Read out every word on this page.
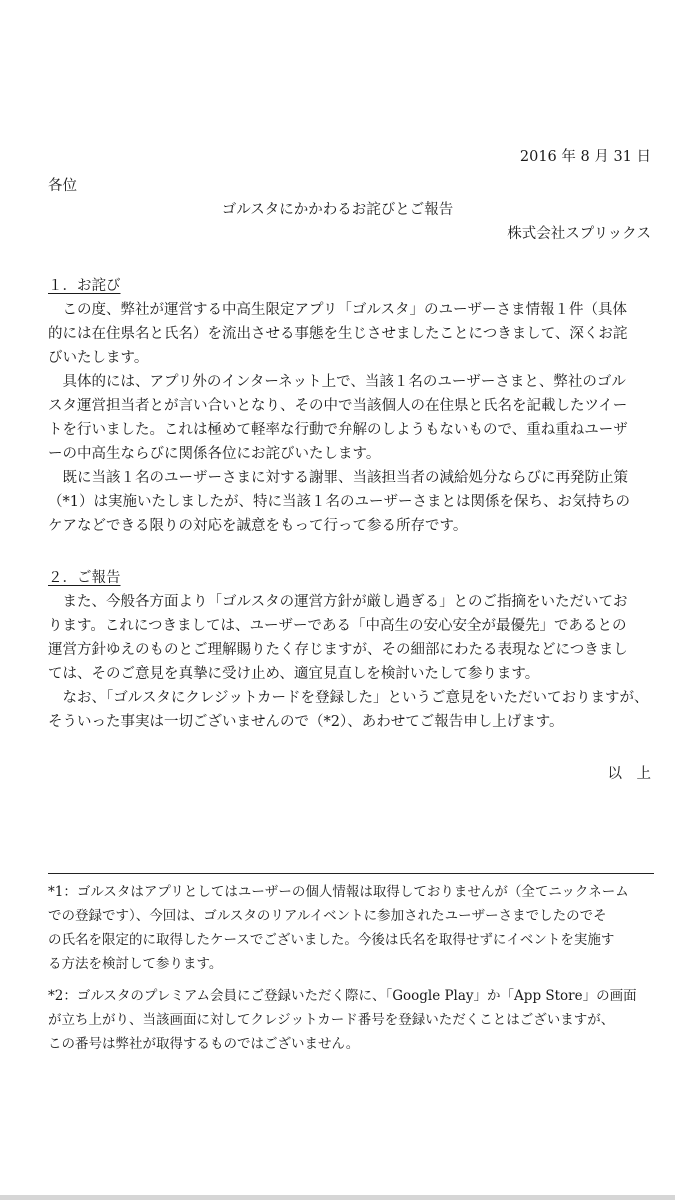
2016 年 8 月 31 日
各位
ゴルスタにかかわるお詫びとご報告
株式会社スプリックス
１．お詫び
　この度、弊社が運営する中高生限定アプリ「ゴルスタ」のユーザーさま情報１件（具体
的には在住県名と氏名）を流出させる事態を生じさせましたことにつきまして、深くお詫
びいたします。
　具体的には、アプリ外のインターネット上で、当該１名のユーザーさまと、弊社のゴル
スタ運営担当者とが言い合いとなり、その中で当該個人の在住県と氏名を記載したツイー
トを行いました。これは極めて軽率な行動で弁解のしようもないもので、重ね重ねユーザ
ーの中高生ならびに関係各位にお詫びいたします。
　既に当該１名のユーザーさまに対する謝罪、当該担当者の減給処分ならびに再発防止策
（*1）は実施いたしましたが、特に当該１名のユーザーさまとは関係を保ち、お気持ちの
ケアなどできる限りの対応を誠意をもって行って参る所存です。
２．ご報告
　また、今般各方面より「ゴルスタの運営方針が厳し過ぎる」とのご指摘をいただいてお
ります。これにつきましては、ユーザーである「中高生の安心安全が最優先」であるとの
運営方針ゆえのものとご理解賜りたく存じますが、その細部にわたる表現などにつきまし
ては、そのご意見を真摯に受け止め、適宜見直しを検討いたして参ります。
　なお、「ゴルスタにクレジットカードを登録した」というご意見をいただいておりますが、
そういった事実は一切ございませんので（*2）、あわせてご報告申し上げます。
以　上
*1：ゴルスタはアプリとしてはユーザーの個人情報は取得しておりませんが（全てニックネーム
での登録です）、今回は、ゴルスタのリアルイベントに参加されたユーザーさまでしたのでそ
の氏名を限定的に取得したケースでございました。今後は氏名を取得せずにイベントを実施す
る方法を検討して参ります。
*2：ゴルスタのプレミアム会員にご登録いただく際に、「Google Play」か「App Store」の画面
が立ち上がり、当該画面に対してクレジットカード番号を登録いただくことはございますが、
この番号は弊社が取得するものではございません。
